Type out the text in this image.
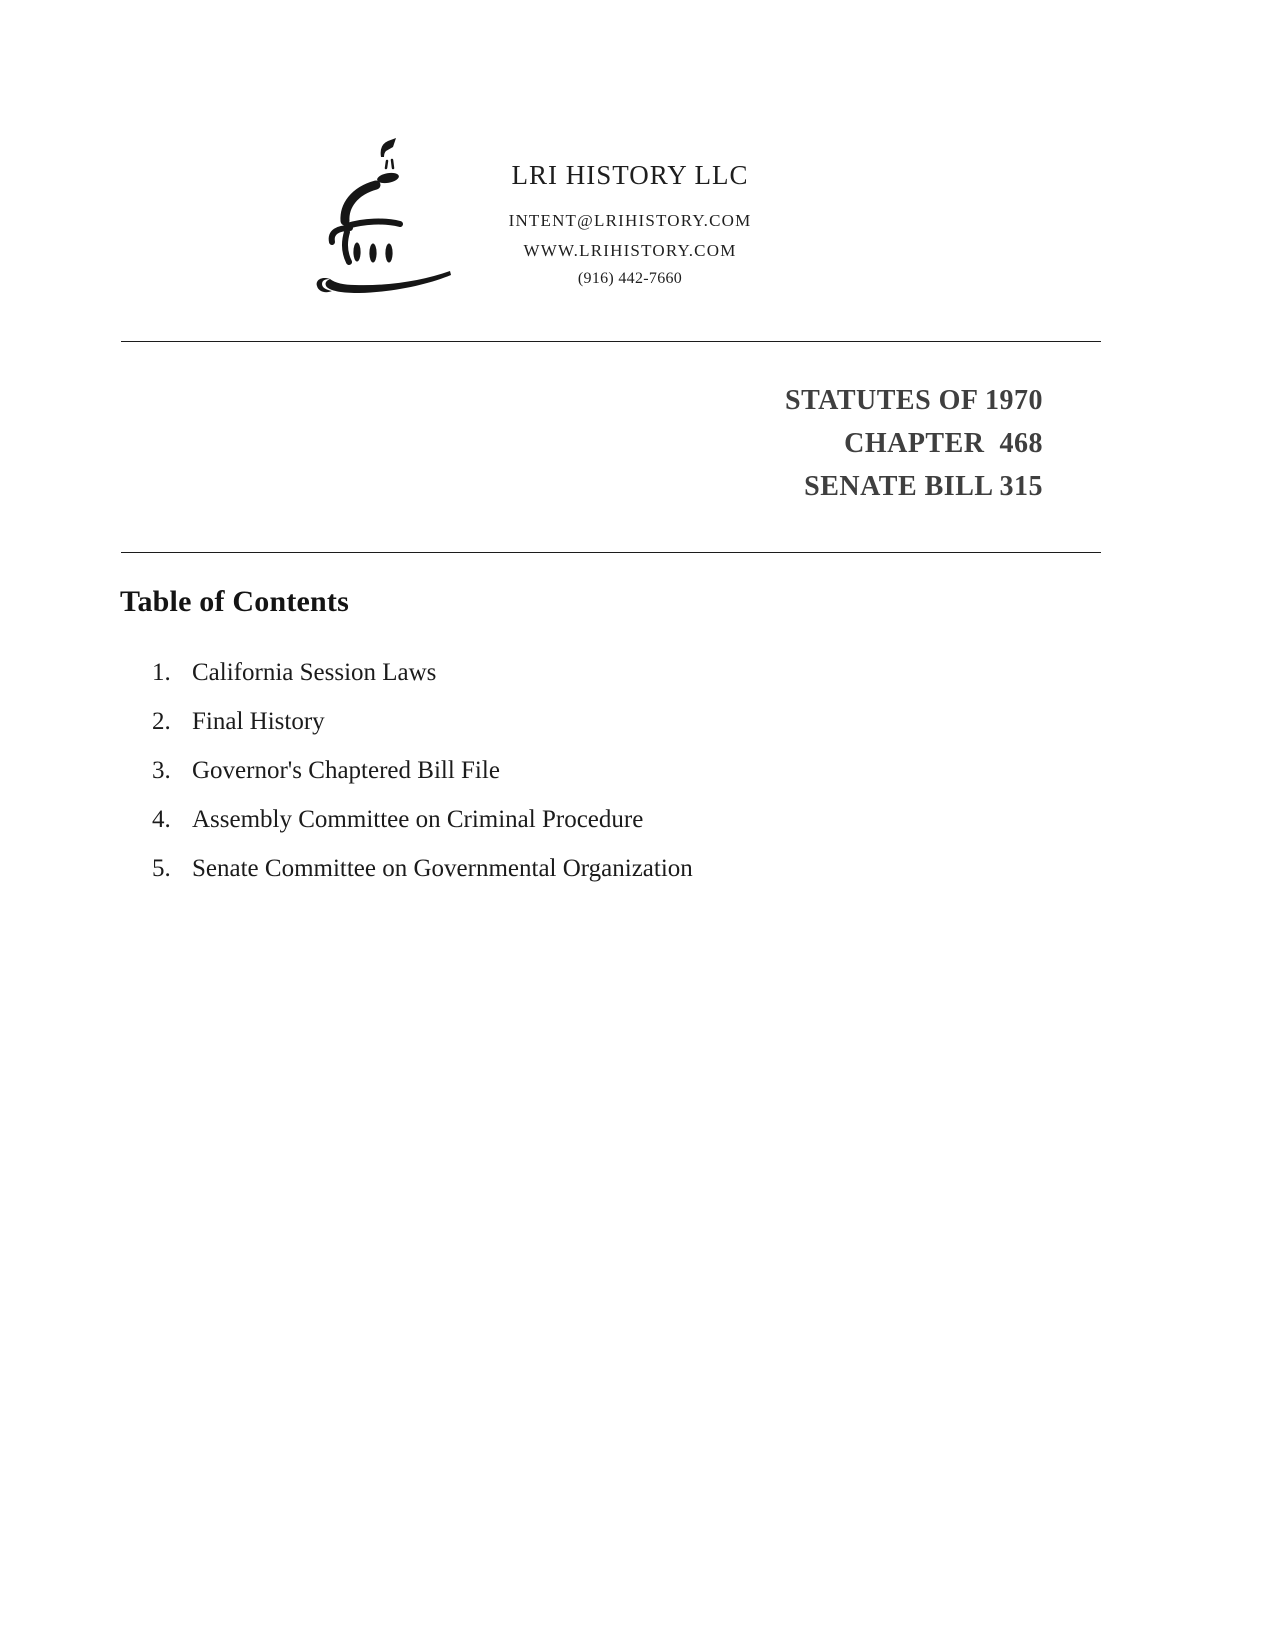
LRI HISTORY LLC
INTENT@LRIHISTORY.COM
WWW.LRIHISTORY.COM
(916) 442-7660
STATUTES OF 1970
CHAPTER  468
SENATE BILL 315
Table of Contents
1. California Session Laws
2. Final History
3. Governor's Chaptered Bill File
4. Assembly Committee on Criminal Procedure
5. Senate Committee on Governmental Organization
